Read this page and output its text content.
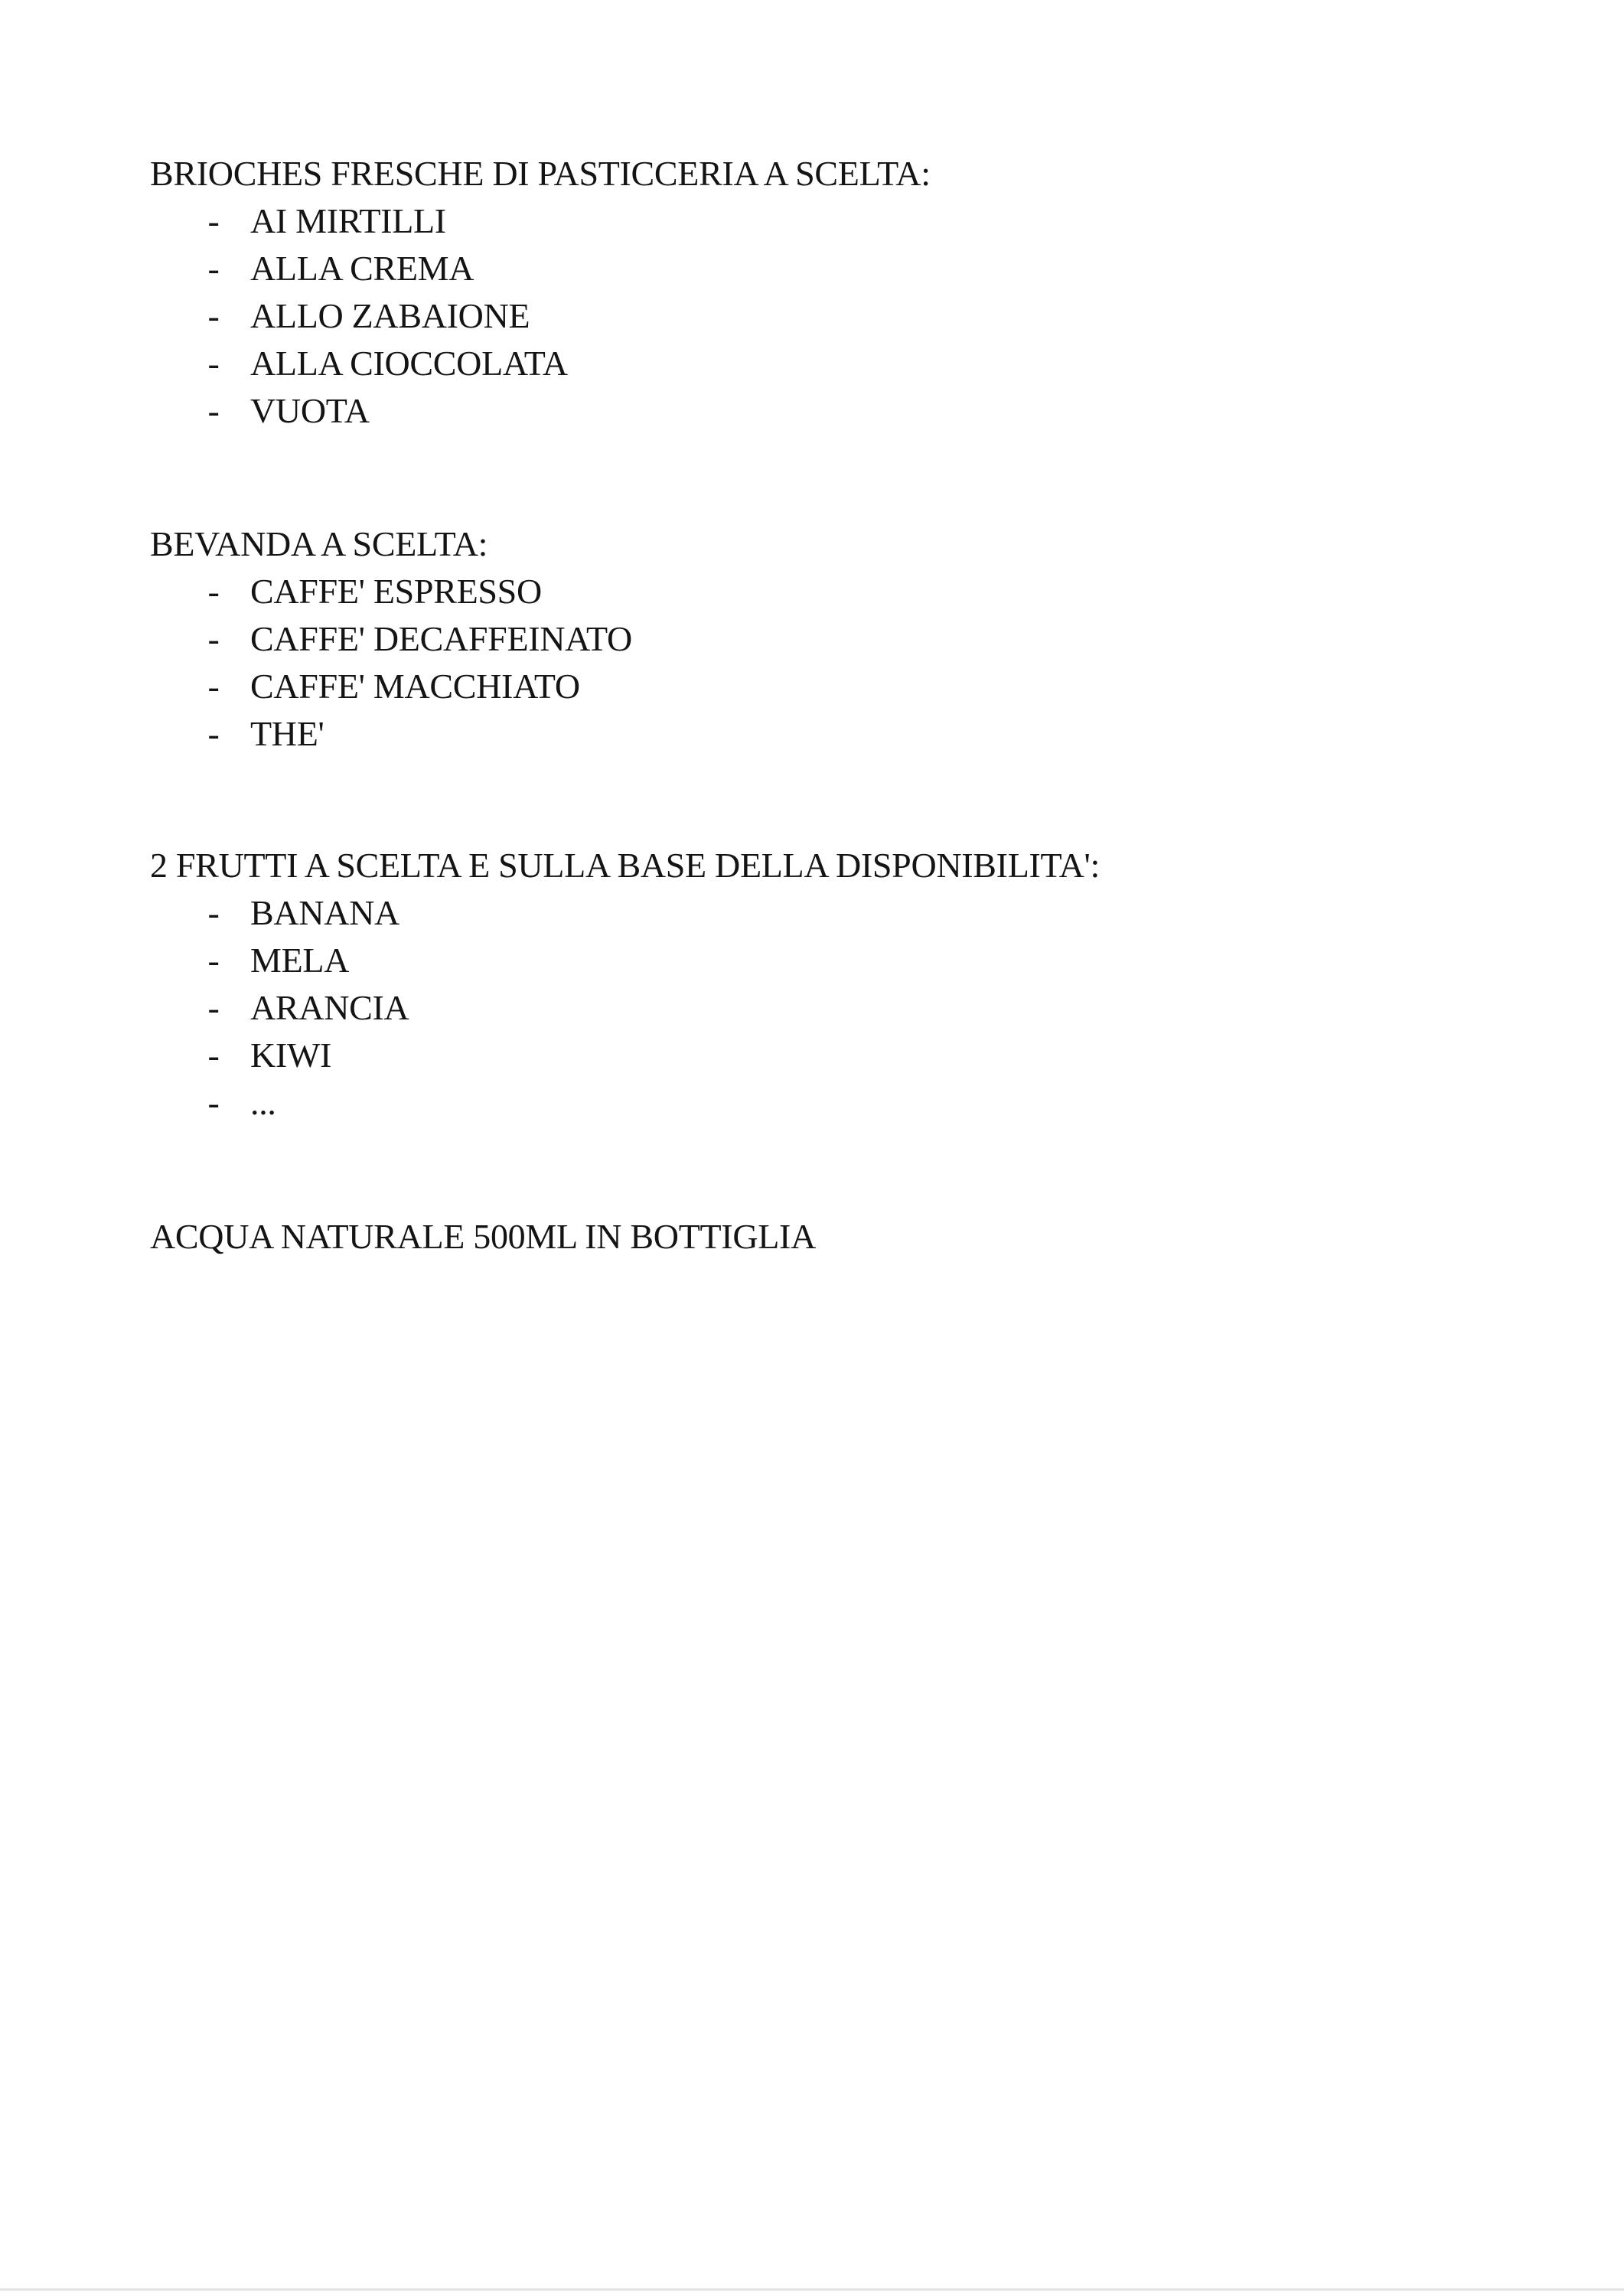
BRIOCHES FRESCHE DI PASTICCERIA A SCELTA:
- AI MIRTILLI
- ALLA CREMA
- ALLO ZABAIONE
- ALLA CIOCCOLATA
- VUOTA
BEVANDA A SCELTA:
- CAFFE' ESPRESSO
- CAFFE' DECAFFEINATO
- CAFFE' MACCHIATO
- THE'
2 FRUTTI A SCELTA E SULLA BASE DELLA DISPONIBILITA':
- BANANA
- MELA
- ARANCIA
- KIWI
- ...
ACQUA NATURALE 500ML IN BOTTIGLIA
